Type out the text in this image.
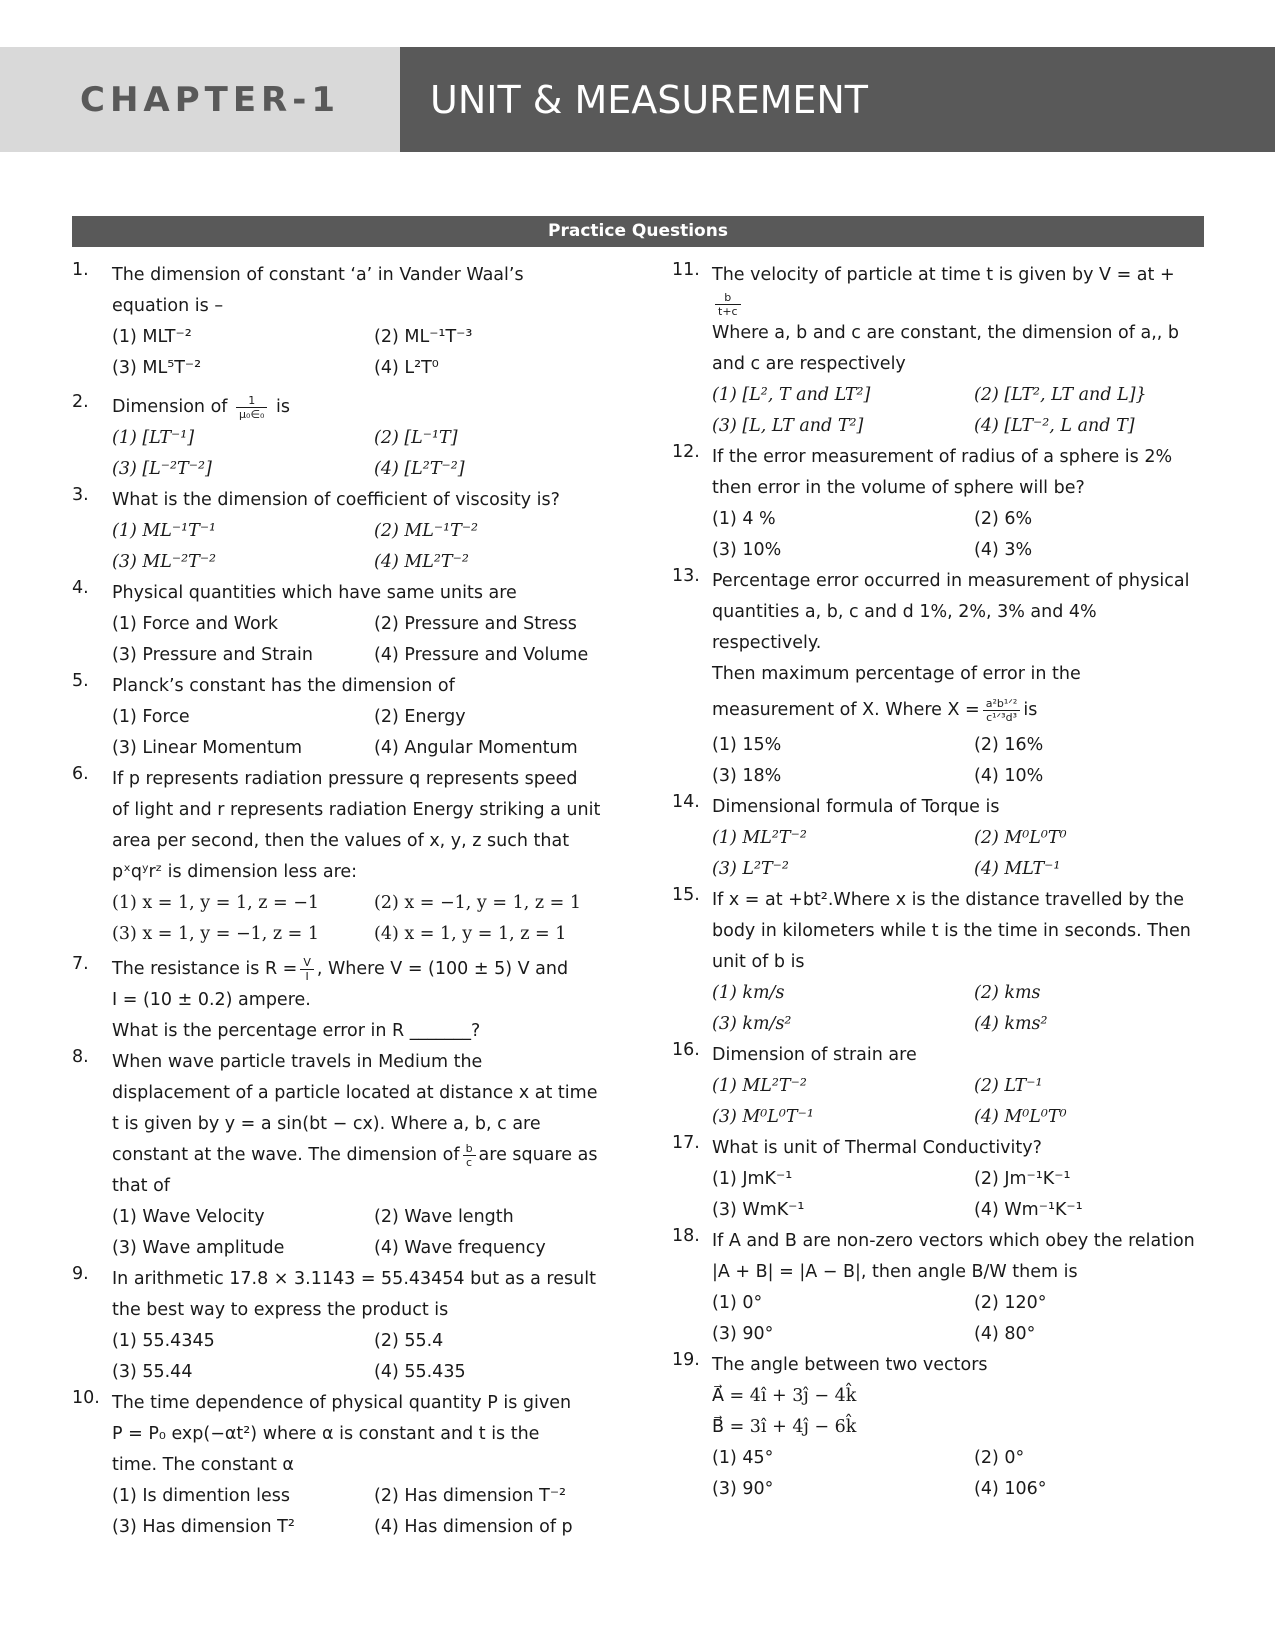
CHAPTER-1 UNIT & MEASUREMENT
Practice Questions
1. The dimension of constant ‘a’ in Vander Waal’s

equation is –

(1) MLT⁻²	(2) ML⁻¹T⁻³
(3) ML⁵T⁻²	(4) L²T⁰
2. Dimension of $\frac{1}{\text{μ₀∈₀}}$ is

(1) [LT⁻¹]	(2) [L⁻¹T]
(3) [L⁻²T⁻²]	(4) [L²T⁻²]
3. What is the dimension of coefficient of viscosity is?

(1) ML⁻¹T⁻¹	(2) ML⁻¹T⁻²
(3) ML⁻²T⁻²	(4) ML²T⁻²
4. Physical quantities which have same units are

(1) Force and Work	(2) Pressure and Stress
(3) Pressure and Strain	(4) Pressure and Volume
5. Planck’s constant has the dimension of

(1) Force	(2) Energy
(3) Linear Momentum	(4) Angular Momentum
6. If p represents radiation pressure q represents speed

of light and r represents radiation Energy striking a unit

area per second, then the values of x, y, z such that

pˣqʸrᶻ is dimension less are:

(1) x = 1, y = 1, z = −1	(2) x = −1, y = 1, z = 1
(3) x = 1, y = −1, z = 1	(4) x = 1, y = 1, z = 1
7. The resistance is $R = \frac{V}{I}$ , Where V = (100 ± 5) V and

I = (10 ± 0.2) ampere.

What is the percentage error in R _______?

8. When wave particle travels in Medium the

displacement of a particle located at distance x at time

t is given by y = a sin(bt − cx). Where a, b, c are

constant at the wave. The dimension of $\frac{b}{c}$ are square as

that of

(1) Wave Velocity	(2) Wave length
(3) Wave amplitude	(4) Wave frequency
9. In arithmetic 17.8 × 3.1143 = 55.43454 but as a result

the best way to express the product is

(1) 55.4345	(2) 55.4
(3) 55.44	(4) 55.435
10. The time dependence of physical quantity P is given

P = P₀ exp(−αt²) where α is constant and t is the

time. The constant α

(1) Is dimention less	(2) Has dimension T⁻²
(3) Has dimension T²	(4) Has dimension of p
11. The velocity of particle at time t is given by V = at +

$\frac{b}{t+c}$

Where a, b and c are constant, the dimension of a,, b

and c are respectively

(1) [L², T and LT²]	(2) [LT², LT and L]}
(3) [L, LT and T²]	(4) [LT⁻², L and T]
12. If the error measurement of radius of a sphere is 2%

then error in the volume of sphere will be?

(1) 4 %	(2) 6%
(3) 10%	(4) 3%
13. Percentage error occurred in measurement of physical

quantities a, b, c and d 1%, 2%, 3% and 4%

respectively.

Then maximum percentage of error in the

measurement of X. Where $X = \frac{\text{a²b¹ᐟ²}}{\text{c¹ᐟ³d³}}$ is

(1) 15%	(2) 16%
(3) 18%	(4) 10%
14. Dimensional formula of Torque is

(1) ML²T⁻²	(2) M⁰L⁰T⁰
(3) L²T⁻²	(4) MLT⁻¹
15. If x = at +bt².Where x is the distance travelled by the

body in kilometers while t is the time in seconds. Then

unit of b is

(1) km/s	(2) kms
(3) km/s²	(4) kms²
16. Dimension of strain are

(1) ML²T⁻²	(2) LT⁻¹
(3) M⁰L⁰T⁻¹	(4) M⁰L⁰T⁰
17. What is unit of Thermal Conductivity?

(1) JmK⁻¹	(2) Jm⁻¹K⁻¹
(3) WmK⁻¹	(4) Wm⁻¹K⁻¹
18. If A and B are non-zero vectors which obey the relation

|A + B| = |A − B|, then angle B/W them is

(1) 0°	(2) 120°
(3) 90°	(4) 80°
19. The angle between two vectors

A⃗ = 4î + 3ĵ − 4k̂

B⃗ = 3î + 4ĵ − 6k̂

(1) 45°	(2) 0°
(3) 90°	(4) 106°
